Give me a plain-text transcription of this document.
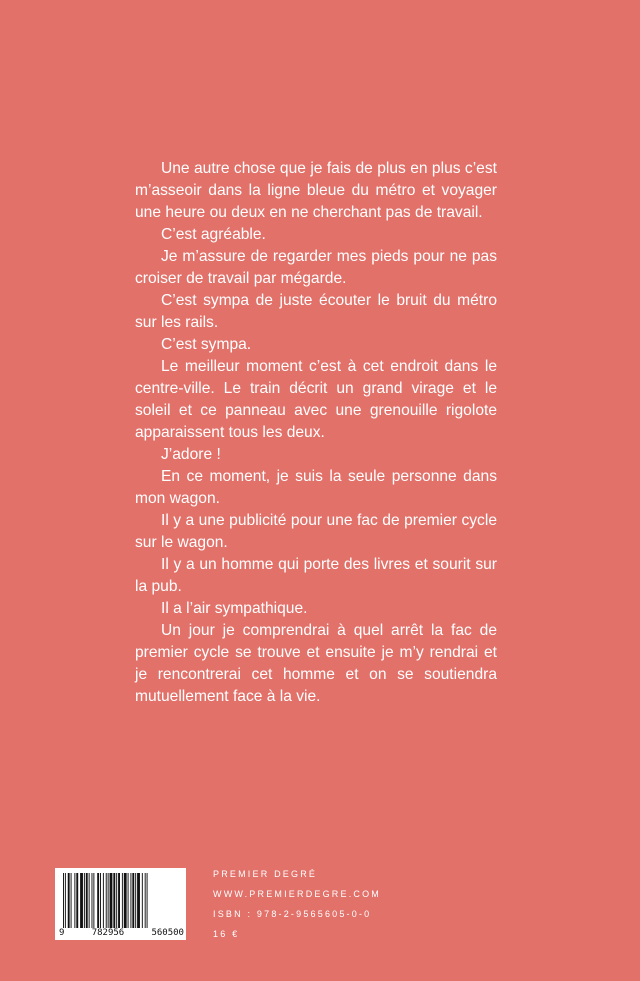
Une autre chose que je fais de plus en plus c’est m’asseoir dans la ligne bleue du métro et voyager une heure ou deux en ne cherchant pas de travail.

C’est agréable.

Je m’assure de regarder mes pieds pour ne pas croiser de travail par mégarde.

C’est sympa de juste écouter le bruit du métro sur les rails.

C’est sympa.

Le meilleur moment c’est à cet endroit dans le centre-ville. Le train décrit un grand virage et le soleil et ce panneau avec une grenouille rigolote apparaissent tous les deux.

J’adore !

En ce moment, je suis la seule personne dans mon wagon.

Il y a une publicité pour une fac de premier cycle sur le wagon.

Il y a un homme qui porte des livres et sourit sur la pub.

Il a l’air sympathique.

Un jour je comprendrai à quel arrêt la fac de premier cycle se trouve et ensuite je m’y rendrai et je rencontrerai cet homme et on se soutiendra mutuellement face à la vie.

9	782956	560500
PREMIER DEGRÉ
WWW.PREMIERDEGRE.COM
ISBN : 978-2-9565605-0-0
16 €
